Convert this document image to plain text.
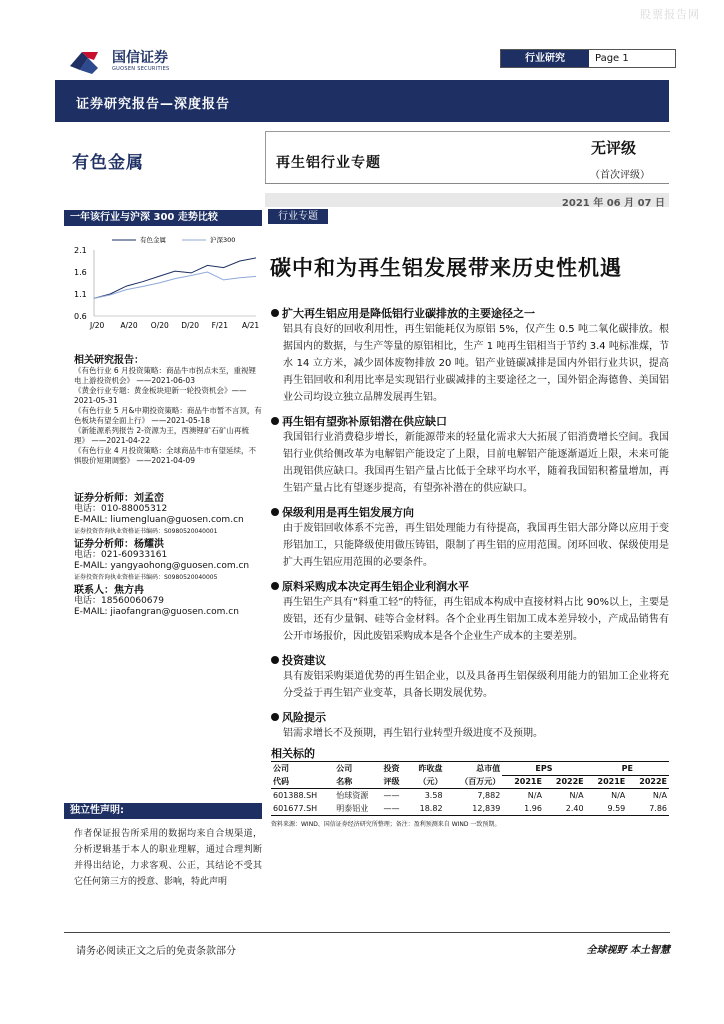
股票报告网
国信证券
GUOSEN SECURITIES
行业研究	Page 1
证券研究报告—深度报告
有色金属	再生铝行业专题
无评级
（首次评级）
2021 年 06 月 07 日
一年该行业与沪深 300 走势比较	行业专题
碳中和为再生铝发展带来历史性机遇
有色金属	沪深300
2.1
1.6
1.1
0.6
J/20 A/20 O/20 D/20 F/21 A/21
相关研究报告：
《有色行业 6 月投资策略：商品牛市拐点未至，重视锂电上游投资机会》 ——2021-06-03
《黄金行业专题：黄金板块迎新一轮投资机会》——2021-05-31
《有色行业 5 月&中期投资策略：商品牛市暂不言顶，有色板块有望全面上行》 ——2021-05-18
《新能源系列报告 2-资源为王，西澳锂矿石矿山再梳理》 ——2021-04-22
《有色行业 4 月投资策略：全球商品牛市有望延续，不惧股价短期调整》 ——2021-04-09
证券分析师：刘孟峦
电话：010-88005312
E-MAIL: liumengluan@guosen.com.cn
证券投资咨询执业资格证书编码：S0980520040001
证券分析师：杨耀洪
电话：021-60933161
E-MAIL: yangyaohong@guosen.com.cn
证券投资咨询执业资格证书编码：S0980520040005
联系人：焦方冉
电话：18560060679
E-MAIL: jiaofangran@guosen.com.cn
独立性声明:
作者保证报告所采用的数据均来自合规渠道，分析逻辑基于本人的职业理解，通过合理判断并得出结论，力求客观、公正，其结论不受其它任何第三方的授意、影响，特此声明
扩大再生铝应用是降低铝行业碳排放的主要途径之一
铝具有良好的回收利用性，再生铝能耗仅为原铝 5%，仅产生 0.5 吨二氧化碳排放。根据国内的数据，与生产等量的原铝相比，生产 1 吨再生铝相当于节约 3.4 吨标准煤，节水 14 立方米，减少固体废物排放 20 吨。铝产业链碳减排是国内外铝行业共识，提高再生铝回收和利用比率是实现铝行业碳减排的主要途径之一，国外铝企海德鲁、美国铝业公司均设立独立品牌发展再生铝。
再生铝有望弥补原铝潜在供应缺口
我国铝行业消费稳步增长，新能源带来的轻量化需求大大拓展了铝消费增长空间。我国铝行业供给侧改革为电解铝产能设定了上限，目前电解铝产能逐渐逼近上限，未来可能出现铝供应缺口。我国再生铝产量占比低于全球平均水平，随着我国铝积蓄量增加，再生铝产量占比有望逐步提高，有望弥补潜在的供应缺口。
保级利用是再生铝发展方向
由于废铝回收体系不完善，再生铝处理能力有待提高，我国再生铝大部分降以应用于变形铝加工，只能降级使用做压铸铝，限制了再生铝的应用范围。闭环回收、保级使用是扩大再生铝应用范围的必要条件。
原料采购成本决定再生铝企业利润水平
再生铝生产具有“料重工轻”的特征，再生铝成本构成中直接材料占比 90%以上，主要是废铝，还有少量铜、硅等合金材料。各个企业再生铝加工成本差异较小，产成品销售有公开市场报价，因此废铝采购成本是各个企业生产成本的主要差别。
投资建议
具有废铝采购渠道优势的再生铝企业，以及具备再生铝保级利用能力的铝加工企业将充分受益于再生铝产业变革，具备长期发展优势。
风险提示
铝需求增长不及预期，再生铝行业转型升级进度不及预期。
相关标的
公司	公司	投资	昨收盘	总市值	EPS		PE	
代码	名称	评级	（元）	（百万元）	2021E	2022E	2021E	2022E
601388.SH	怡球资源	——	3.58	7,882	N/A	N/A	N/A	N/A
601677.SH	明泰铝业	——	18.82	12,839	1.96	2.40	9.59	7.86
资料来源：WIND、国信证券经济研究所整理；备注：盈利预测来自 WIND 一致预期。
请务必阅读正文之后的免责条款部分	全球视野 本土智慧
